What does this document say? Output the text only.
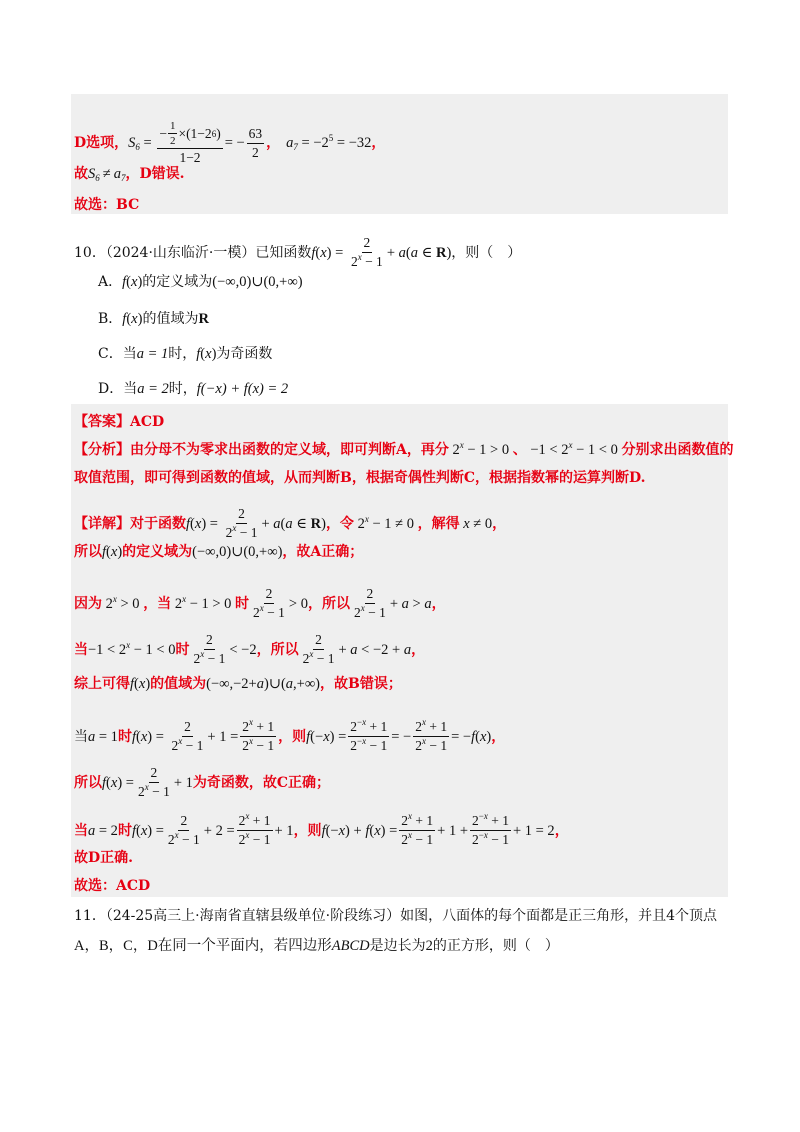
D选项， $S_6 = \frac{- \frac{1}{2} \times(1-2 6 )}{1-2}$ = − $\frac{63}{2}$ ， $a_7 = -2^5 = -32$ ，
故 $S_6 \ne a_7$ ，D错误.
故选：BC
10．（2024·山东临沂·一模）已知函数 $f(x) = \frac{2}{2^x - 1} + a(a$ ∈ R) ，则（　）
A． f(x) 的定义域为 (−∞,0)∪(0,+∞)
B． f(x) 的值域为 R
C．当 a = 1 时， f(x) 为奇函数
D．当 a = 2 时， f(−x) + f(x) = 2
【答案】ACD
【分析】由分母不为零求出函数的定义域，即可判断A，再分 $2^x - 1 > 0$ 、 $-1 < 2^x - 1 < 0$ 分别求出函数值的
取值范围，即可得到函数的值域，从而判断B，根据奇偶性判断C，根据指数幂的运算判断D.
【详解】对于函数 $f(x) = \frac{2}{2^x - 1} + a(a$ ∈ R) ，令 $2^x - 1 \ne 0$ ，解得 x ≠ 0 ，
所以 f(x) 的定义域为 (−∞,0)∪(0,+∞) ，故A正确；
因为 $2^x > 0$ ，当 $2^x - 1 > 0$ 时 $\frac{2}{2^x - 1} > 0$ ，所以 $\frac{2}{2^x - 1} + a > a$ ，
当 $-1 < 2^x - 1 < 0$ 时 $\frac{2}{2^x - 1} < -2$ ，所以 $\frac{2}{2^x - 1} + a < -2 + a$ ，
综上可得 f(x) 的值域为 (−∞,−2+a)∪(a,+∞) ，故B错误；
当 a = 1 时 $f(x) = \frac{2}{2^x - 1} + 1 = \frac{2^x + 1}{2^x - 1}$ ，则 $f(-x) = \frac{2^{-x} + 1}{2^{-x} - 1}$ = − $\frac{2^x + 1}{2^x - 1} = -f(x)$ ，
所以 $f(x) = \frac{2}{2^x - 1} + 1$ 为奇函数，故C正确；
当 a = 2 时 $f(x) = \frac{2}{2^x - 1} + 2 = \frac{2^x + 1}{2^x - 1} + 1$ ，则 $f(-x) + f(x) = \frac{2^x + 1}{2^x - 1} + 1 + \frac{2^{-x} + 1}{2^{-x} - 1} + 1 = 2$ ，
故D正确.
故选：ACD
11．（24-25高三上·海南省直辖县级单位·阶段练习）如图，八面体的每个面都是正三角形，并且4个顶点
A，B，C，D在同一个平面内，若四边形 ABCD 是边长为 2 的正方形，则（　）
